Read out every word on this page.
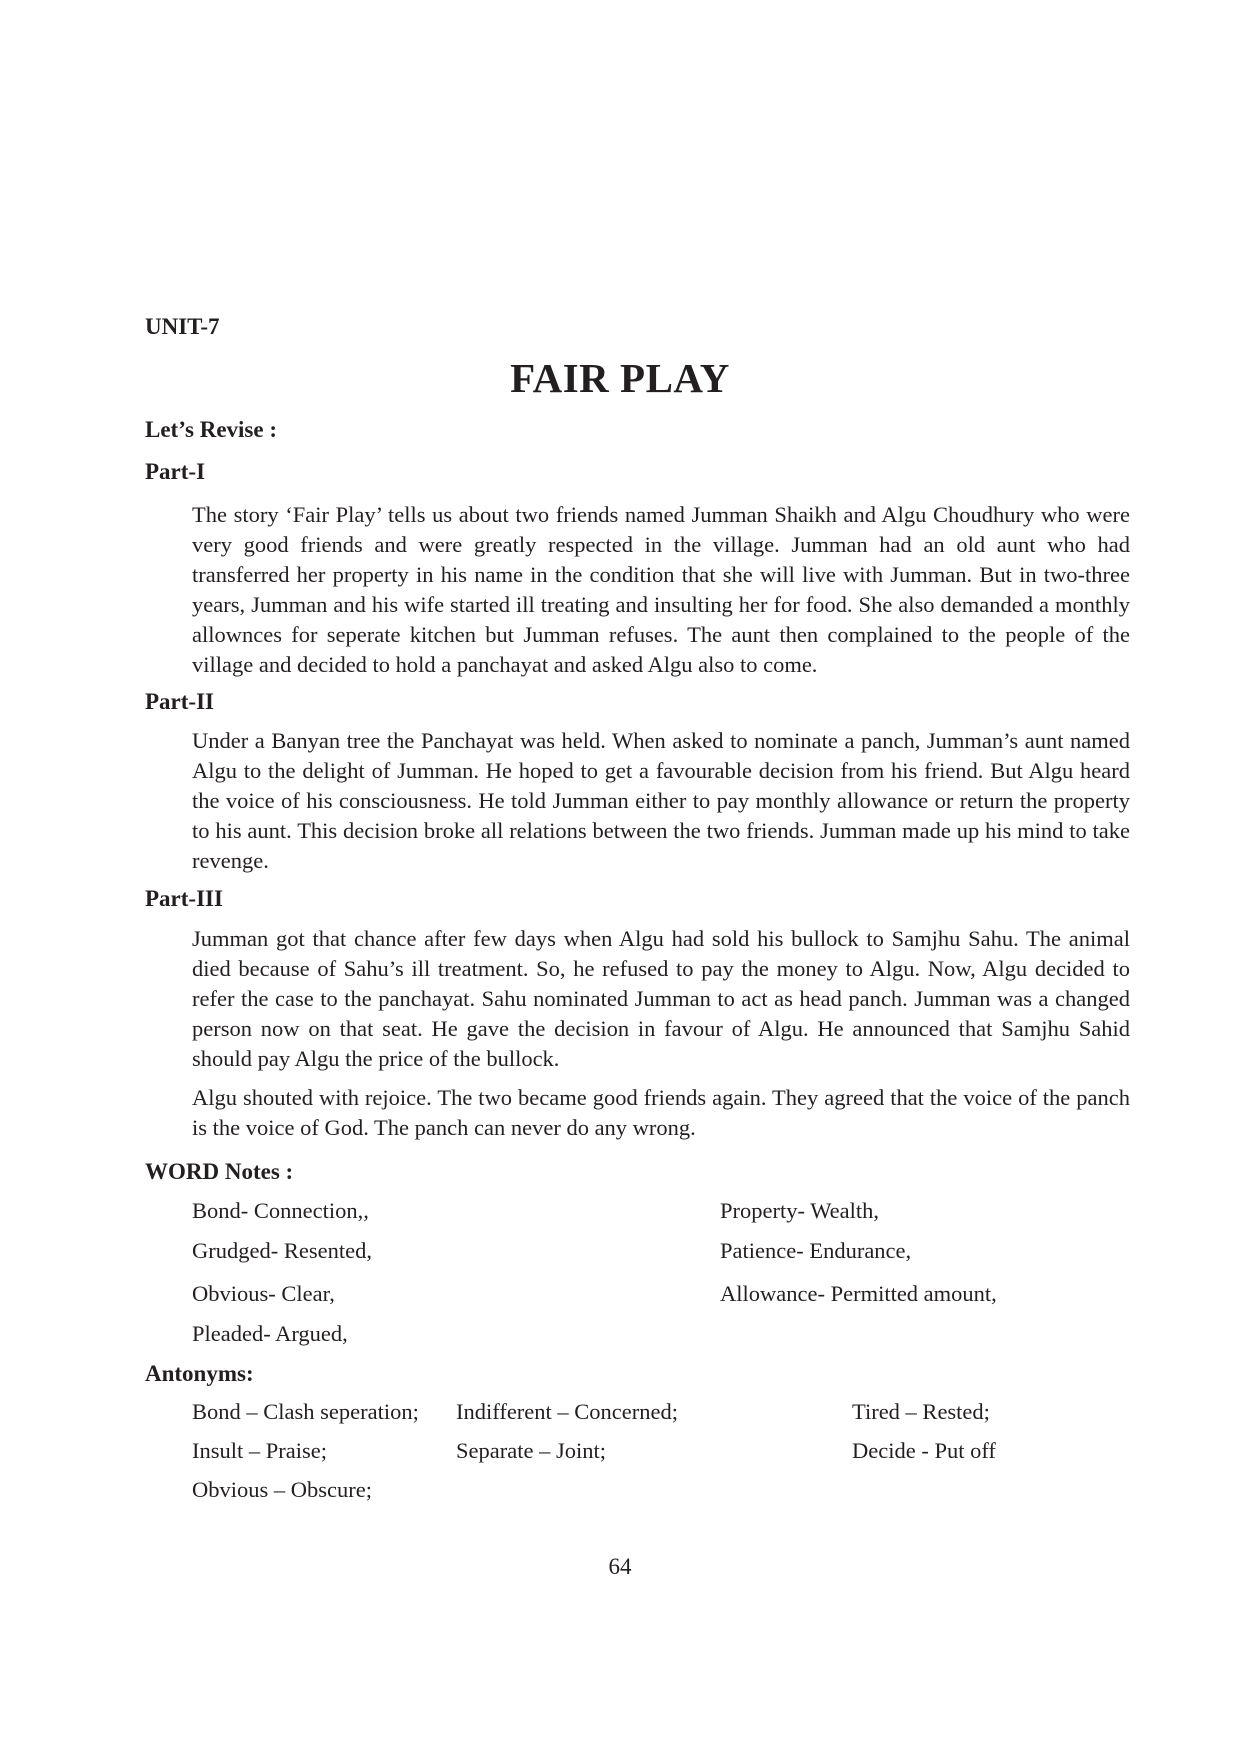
UNIT-7
FAIR PLAY
Let’s Revise :
Part-I

The story ‘Fair Play’ tells us about two friends named Jumman Shaikh and Algu Choudhury who were very good friends and were greatly respected in the village. Jumman had an old aunt who had transferred her property in his name in the condition that she will live with Jumman. But in two-three years, Jumman and his wife started ill treating and insulting her for food. She also demanded a monthly allownces for seperate kitchen but Jumman refuses. The aunt then complained to the people of the village and decided to hold a panchayat and asked Algu also to come.

Part-II

Under a Banyan tree the Panchayat was held. When asked to nominate a panch, Jumman’s aunt named Algu to the delight of Jumman. He hoped to get a favourable decision from his friend. But Algu heard the voice of his consciousness. He told Jumman either to pay monthly allowance or return the property to his aunt. This decision broke all relations between the two friends. Jumman made up his mind to take revenge.

Part-III

Jumman got that chance after few days when Algu had sold his bullock to Samjhu Sahu. The animal died because of Sahu’s ill treatment. So, he refused to pay the money to Algu. Now, Algu decided to refer the case to the panchayat. Sahu nominated Jumman to act as head panch. Jumman was a changed person now on that seat. He gave the decision in favour of Algu. He announced that Samjhu Sahid should pay Algu the price of the bullock.

Algu shouted with rejoice. The two became good friends again. They agreed that the voice of the panch is the voice of God. The panch can never do any wrong.

WORD Notes :
Bond- Connection,,	Property- Wealth,
Grudged- Resented,	Patience- Endurance,
Obvious- Clear,	Allowance- Permitted amount,
Pleaded- Argued,
Antonyms:
Bond – Clash seperation; Indifferent – Concerned;	Tired – Rested;
Insult – Praise;	Separate – Joint;	Decide - Put off
Obvious – Obscure;
64
